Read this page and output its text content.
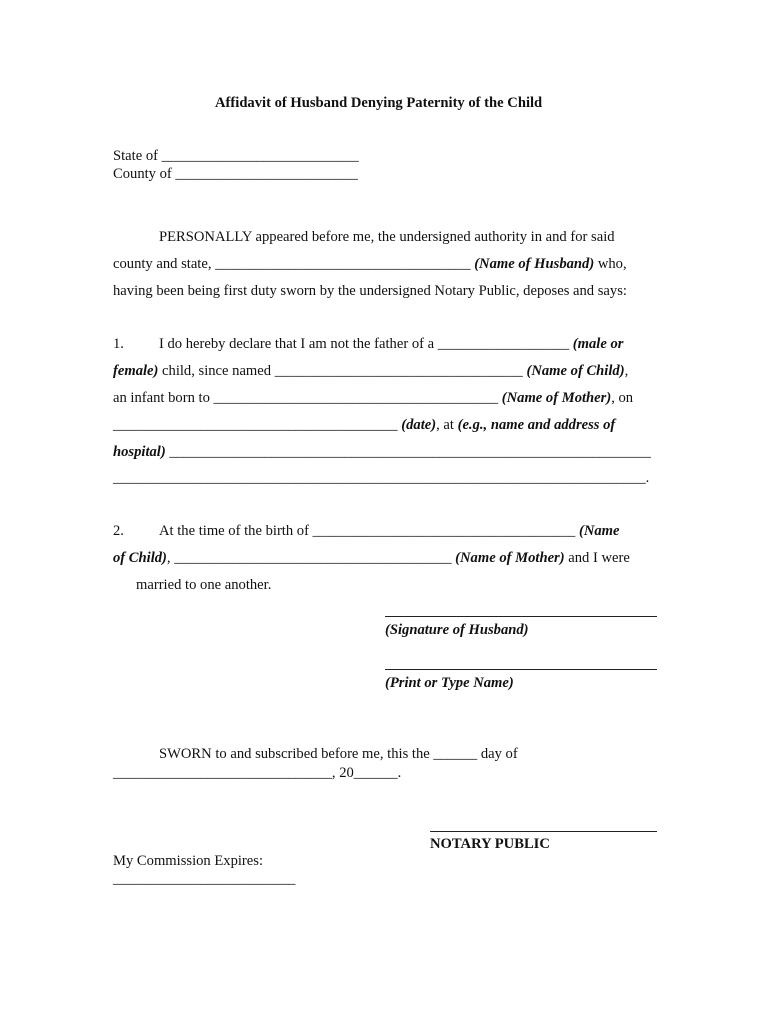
Affidavit of Husband Denying Paternity of the Child
State of ___________________________
County of _________________________
PERSONALLY appeared before me, the undersigned authority in and for said
county and state, ___________________________________ (Name of Husband) who,
having been being first duty sworn by the undersigned Notary Public, deposes and says:
1. I do hereby declare that I am not the father of a __________________ (male or
female) child, since named __________________________________ (Name of Child),
an infant born to _______________________________________ (Name of Mother), on
_______________________________________ (date), at (e.g., name and address of
hospital) __________________________________________________________________
_________________________________________________________________________.
2. At the time of the birth of ____________________________________ (Name
of Child), ______________________________________ (Name of Mother) and I were
married to one another.
(Signature of Husband)
(Print or Type Name)
SWORN to and subscribed before me, this the ______ day of
______________________________, 20______.
NOTARY PUBLIC
My Commission Expires:
_________________________
